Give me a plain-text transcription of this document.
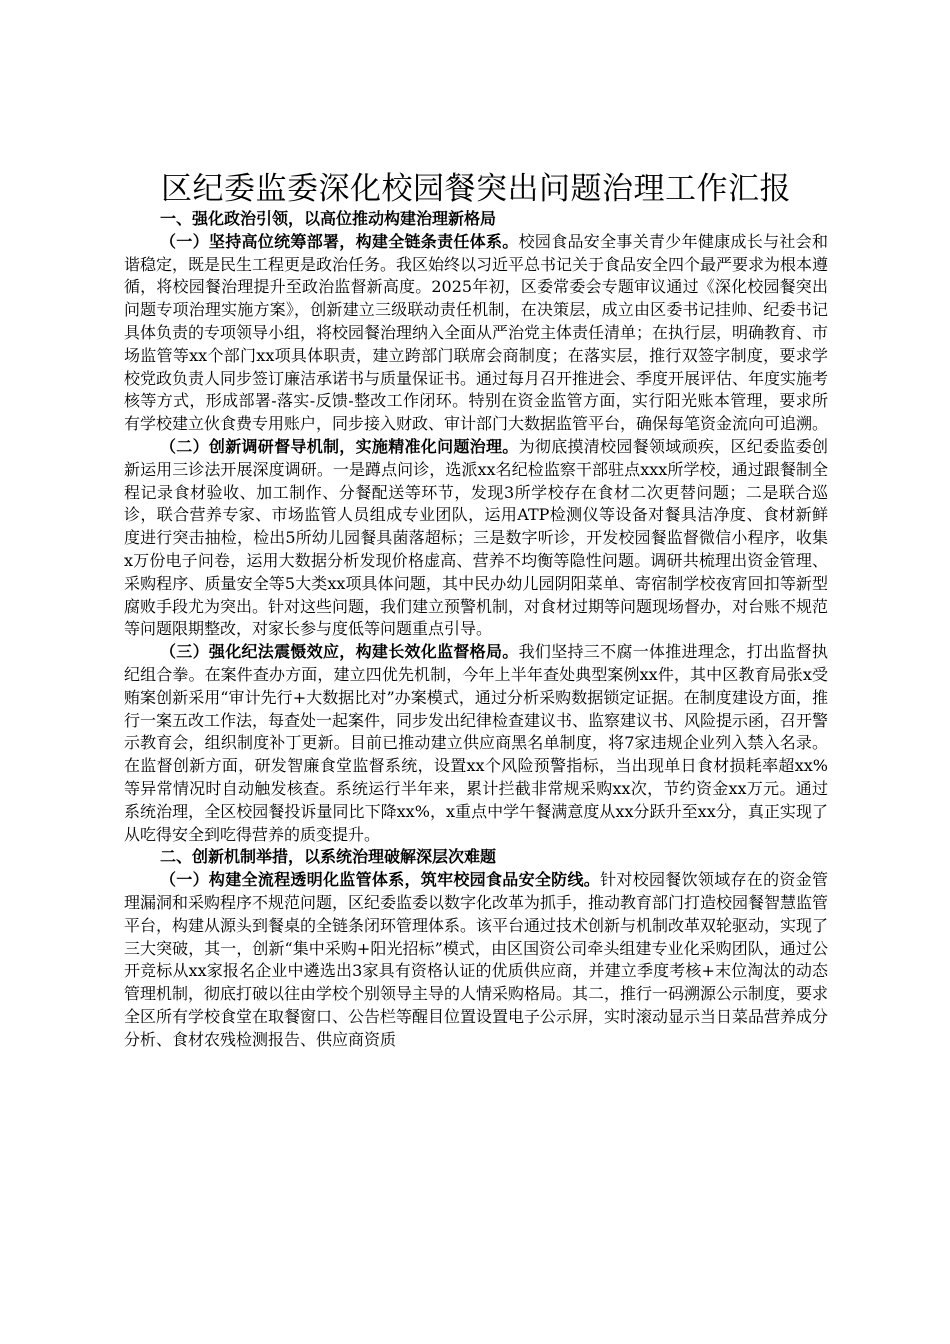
区纪委监委深化校园餐突出问题治理工作汇报
一、强化政治引领，以高位推动构建治理新格局

（一）坚持高位统筹部署，构建全链条责任体系。校园食品安全事关青少年健康成长与社会和谐稳定，既是民生工程更是政治任务。我区始终以习近平总书记关于食品安全四个最严要求为根本遵循，将校园餐治理提升至政治监督新高度。2025年初，区委常委会专题审议通过《深化校园餐突出问题专项治理实施方案》，创新建立三级联动责任机制，在决策层，成立由区委书记挂帅、纪委书记具体负责的专项领导小组，将校园餐治理纳入全面从严治党主体责任清单；在执行层，明确教育、市场监管等xx个部门xx项具体职责，建立跨部门联席会商制度；在落实层，推行双签字制度，要求学校党政负责人同步签订廉洁承诺书与质量保证书。通过每月召开推进会、季度开展评估、年度实施考核等方式，形成部署-落实-反馈-整改工作闭环。特别在资金监管方面，实行阳光账本管理，要求所有学校建立伙食费专用账户，同步接入财政、审计部门大数据监管平台，确保每笔资金流向可追溯。

（二）创新调研督导机制，实施精准化问题治理。为彻底摸清校园餐领域顽疾，区纪委监委创新运用三诊法开展深度调研。一是蹲点问诊，选派xx名纪检监察干部驻点xxx所学校，通过跟餐制全程记录食材验收、加工制作、分餐配送等环节，发现3所学校存在食材二次更替问题；二是联合巡诊，联合营养专家、市场监管人员组成专业团队，运用ATP检测仪等设备对餐具洁净度、食材新鲜度进行突击抽检，检出5所幼儿园餐具菌落超标；三是数字听诊，开发校园餐监督微信小程序，收集x万份电子问卷，运用大数据分析发现价格虚高、营养不均衡等隐性问题。调研共梳理出资金管理、采购程序、质量安全等5大类xx项具体问题，其中民办幼儿园阴阳菜单、寄宿制学校夜宵回扣等新型腐败手段尤为突出。针对这些问题，我们建立预警机制，对食材过期等问题现场督办，对台账不规范等问题限期整改，对家长参与度低等问题重点引导。

（三）强化纪法震慑效应，构建长效化监督格局。我们坚持三不腐一体推进理念，打出监督执纪组合拳。在案件查办方面，建立四优先机制，今年上半年查处典型案例xx件，其中区教育局张x受贿案创新采用“审计先行+大数据比对”办案模式，通过分析采购数据锁定证据。在制度建设方面，推行一案五改工作法，每查处一起案件，同步发出纪律检查建议书、监察建议书、风险提示函，召开警示教育会，组织制度补丁更新。目前已推动建立供应商黑名单制度，将7家违规企业列入禁入名录。在监督创新方面，研发智廉食堂监督系统，设置xx个风险预警指标，当出现单日食材损耗率超xx%等异常情况时自动触发核查。系统运行半年来，累计拦截非常规采购xx次，节约资金xx万元。通过系统治理，全区校园餐投诉量同比下降xx%，x重点中学午餐满意度从xx分跃升至xx分，真正实现了从吃得安全到吃得营养的质变提升。

二、创新机制举措，以系统治理破解深层次难题

（一）构建全流程透明化监管体系，筑牢校园食品安全防线。针对校园餐饮领域存在的资金管理漏洞和采购程序不规范问题，区纪委监委以数字化改革为抓手，推动教育部门打造校园餐智慧监管平台，构建从源头到餐桌的全链条闭环管理体系。该平台通过技术创新与机制改革双轮驱动，实现了三大突破，其一，创新“集中采购+阳光招标”模式，由区国资公司牵头组建专业化采购团队，通过公开竞标从xx家报名企业中遴选出3家具有资格认证的优质供应商，并建立季度考核+末位淘汰的动态管理机制，彻底打破以往由学校个别领导主导的人情采购格局。其二，推行一码溯源公示制度，要求全区所有学校食堂在取餐窗口、公告栏等醒目位置设置电子公示屏，实时滚动显示当日菜品营养成分分析、食材农残检测报告、供应商资质
